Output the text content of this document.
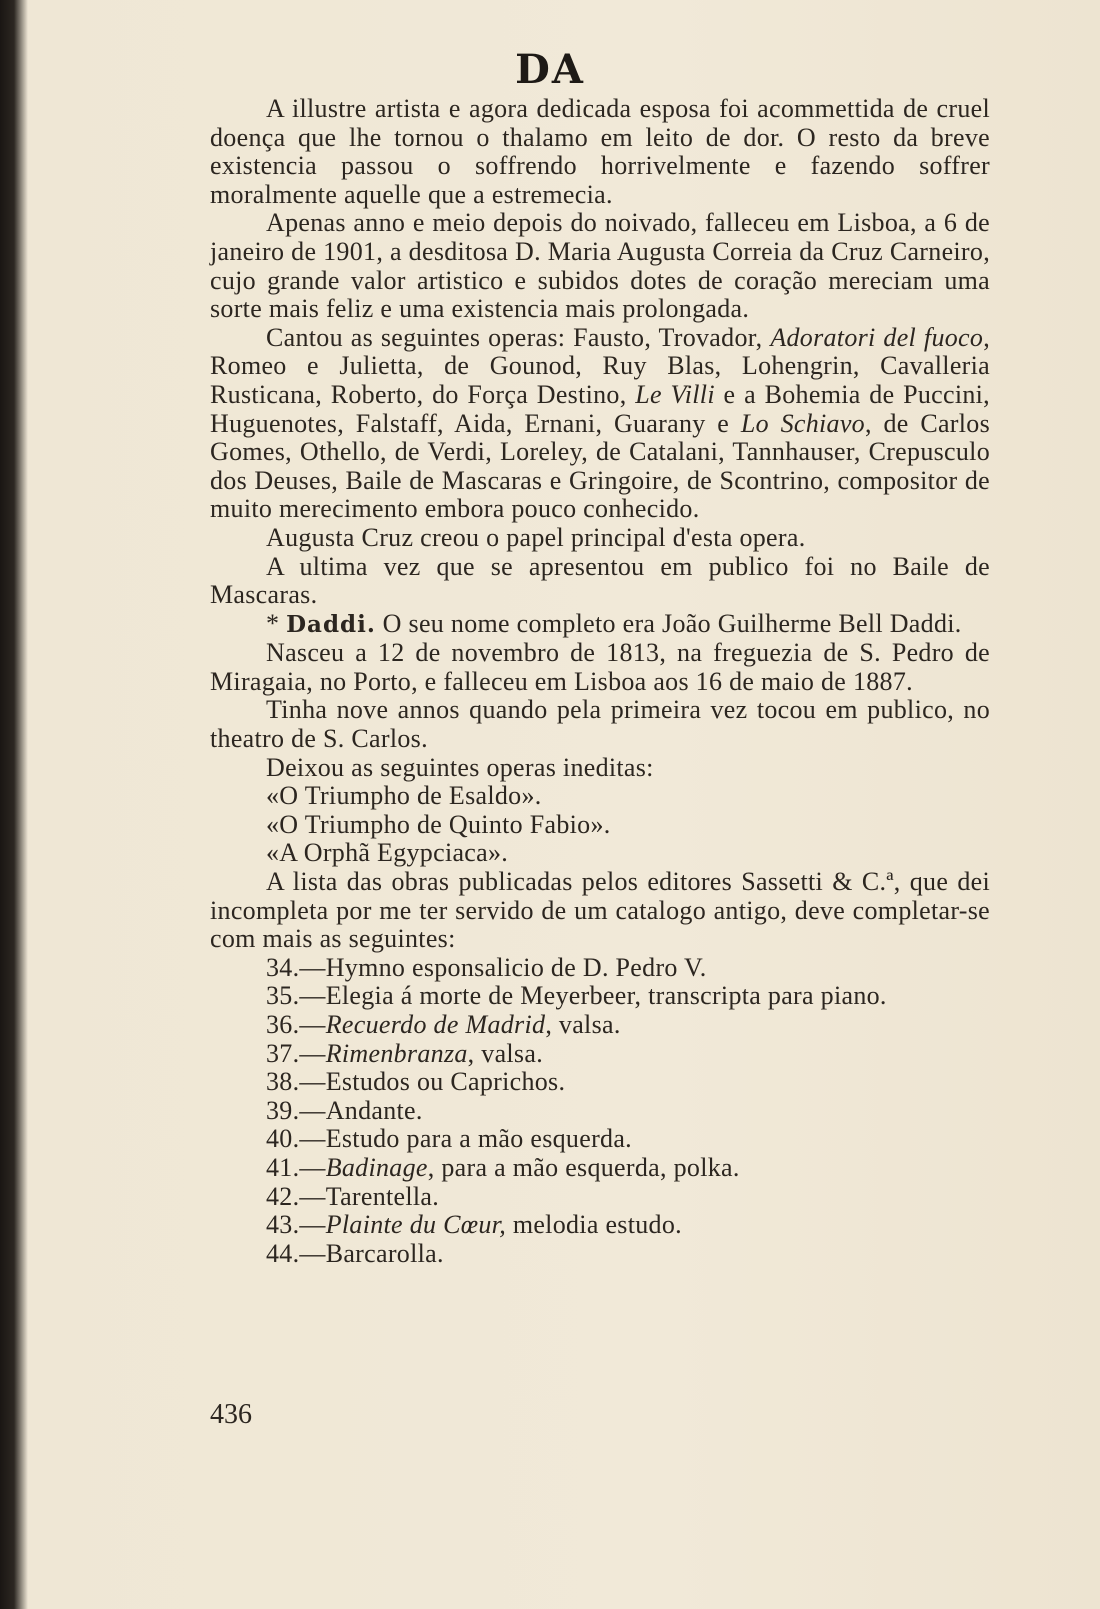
DA

A illustre artista e agora dedicada esposa foi acommettida de cruel doença que lhe tornou o thalamo em leito de dor. O resto da breve existencia passou o soffrendo horrivelmente e fazendo soffrer moralmente aquelle que a estremecia.

Apenas anno e meio depois do noivado, falleceu em Lisboa, a 6 de janeiro de 1901, a desditosa D. Maria Augusta Correia da Cruz Carneiro, cujo grande valor artistico e subidos dotes de coração mereciam uma sorte mais feliz e uma existencia mais prolongada.

Cantou as seguintes operas: Fausto, Trovador, Adoratori del fuoco, Romeo e Julietta, de Gounod, Ruy Blas, Lohengrin, Cavalleria Rusticana, Roberto, do Força Destino, Le Villi e a Bohemia de Puccini, Huguenotes, Falstaff, Aida, Ernani, Guarany e Lo Schiavo, de Carlos Gomes, Othello, de Verdi, Loreley, de Catalani, Tannhauser, Crepusculo dos Deuses, Baile de Mascaras e Gringoire, de Scontrino, compositor de muito merecimento embora pouco conhecido.

Augusta Cruz creou o papel principal d'esta opera.

A ultima vez que se apresentou em publico foi no Baile de Mascaras.

* Daddi. O seu nome completo era João Guilherme Bell Daddi.

Nasceu a 12 de novembro de 1813, na freguezia de S. Pedro de Miragaia, no Porto, e falleceu em Lisboa aos 16 de maio de 1887.

Tinha nove annos quando pela primeira vez tocou em publico, no theatro de S. Carlos.

Deixou as seguintes operas ineditas:

«O Triumpho de Esaldo».

«O Triumpho de Quinto Fabio».

«A Orphã Egypciaca».

A lista das obras publicadas pelos editores Sassetti & C.ª, que dei incompleta por me ter servido de um catalogo antigo, deve completar-se com mais as seguintes:

34.—Hymno esponsalicio de D. Pedro V.

35.—Elegia á morte de Meyerbeer, transcripta para piano.

36.—Recuerdo de Madrid, valsa.

37.—Rimenbranza, valsa.

38.—Estudos ou Caprichos.

39.—Andante.

40.—Estudo para a mão esquerda.

41.—Badinage, para a mão esquerda, polka.

42.—Tarentella.

43.—Plainte du Cœur, melodia estudo.

44.—Barcarolla.

436
